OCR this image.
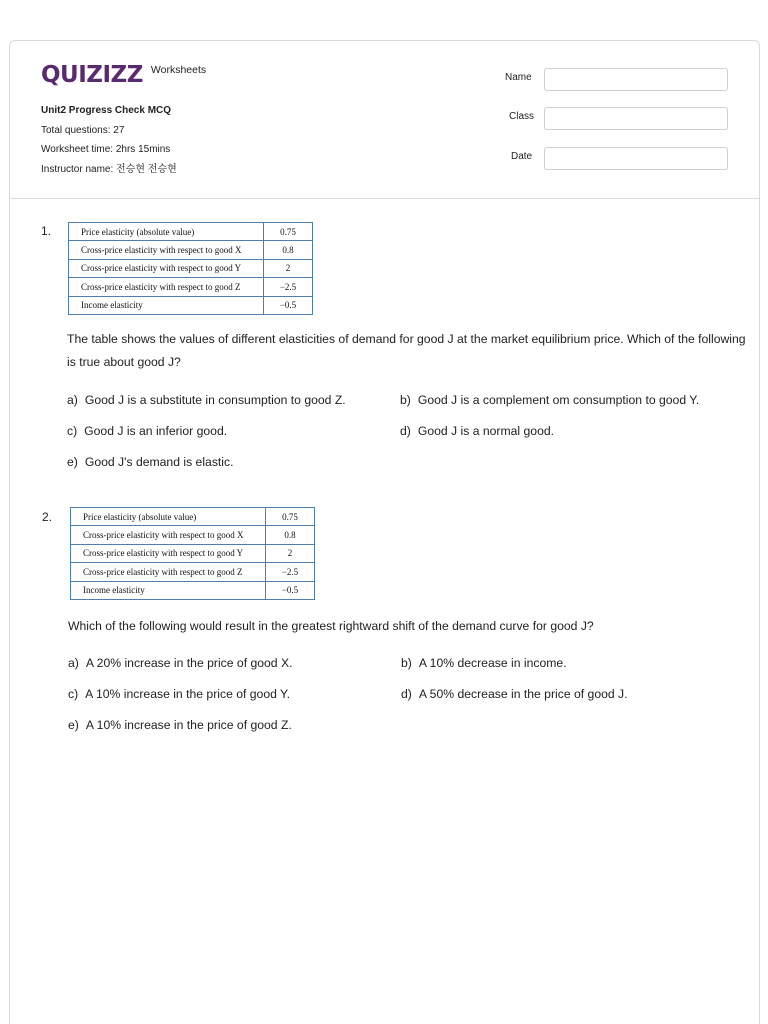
QUIZIZZ Worksheets
Unit2 Progress Check MCQ
Total questions: 27
Worksheet time: 2hrs 15mins
Instructor name: 전승현 전승현
Name
Class
Date
1.	Price elasticity (absolute value)	0.75
Cross-price elasticity with respect to good X	0.8
Cross-price elasticity with respect to good Y	2
Cross-price elasticity with respect to good Z	−2.5
Income elasticity	−0.5
The table shows the values of different elasticities of demand for good J at the market equilibrium price. Which of the following is true about good J?
a) Good J is a substitute in consumption to good Z.	b) Good J is a complement om consumption to good Y.
c) Good J is an inferior good.	d) Good J is a normal good.
e) Good J's demand is elastic.
2.	Price elasticity (absolute value)	0.75
Cross-price elasticity with respect to good X	0.8
Cross-price elasticity with respect to good Y	2
Cross-price elasticity with respect to good Z	−2.5
Income elasticity	−0.5
Which of the following would result in the greatest rightward shift of the demand curve for good J?
a) A 20% increase in the price of good X.	b) A 10% decrease in income.
c) A 10% increase in the price of good Y.	d) A 50% decrease in the price of good J.
e) A 10% increase in the price of good Z.
